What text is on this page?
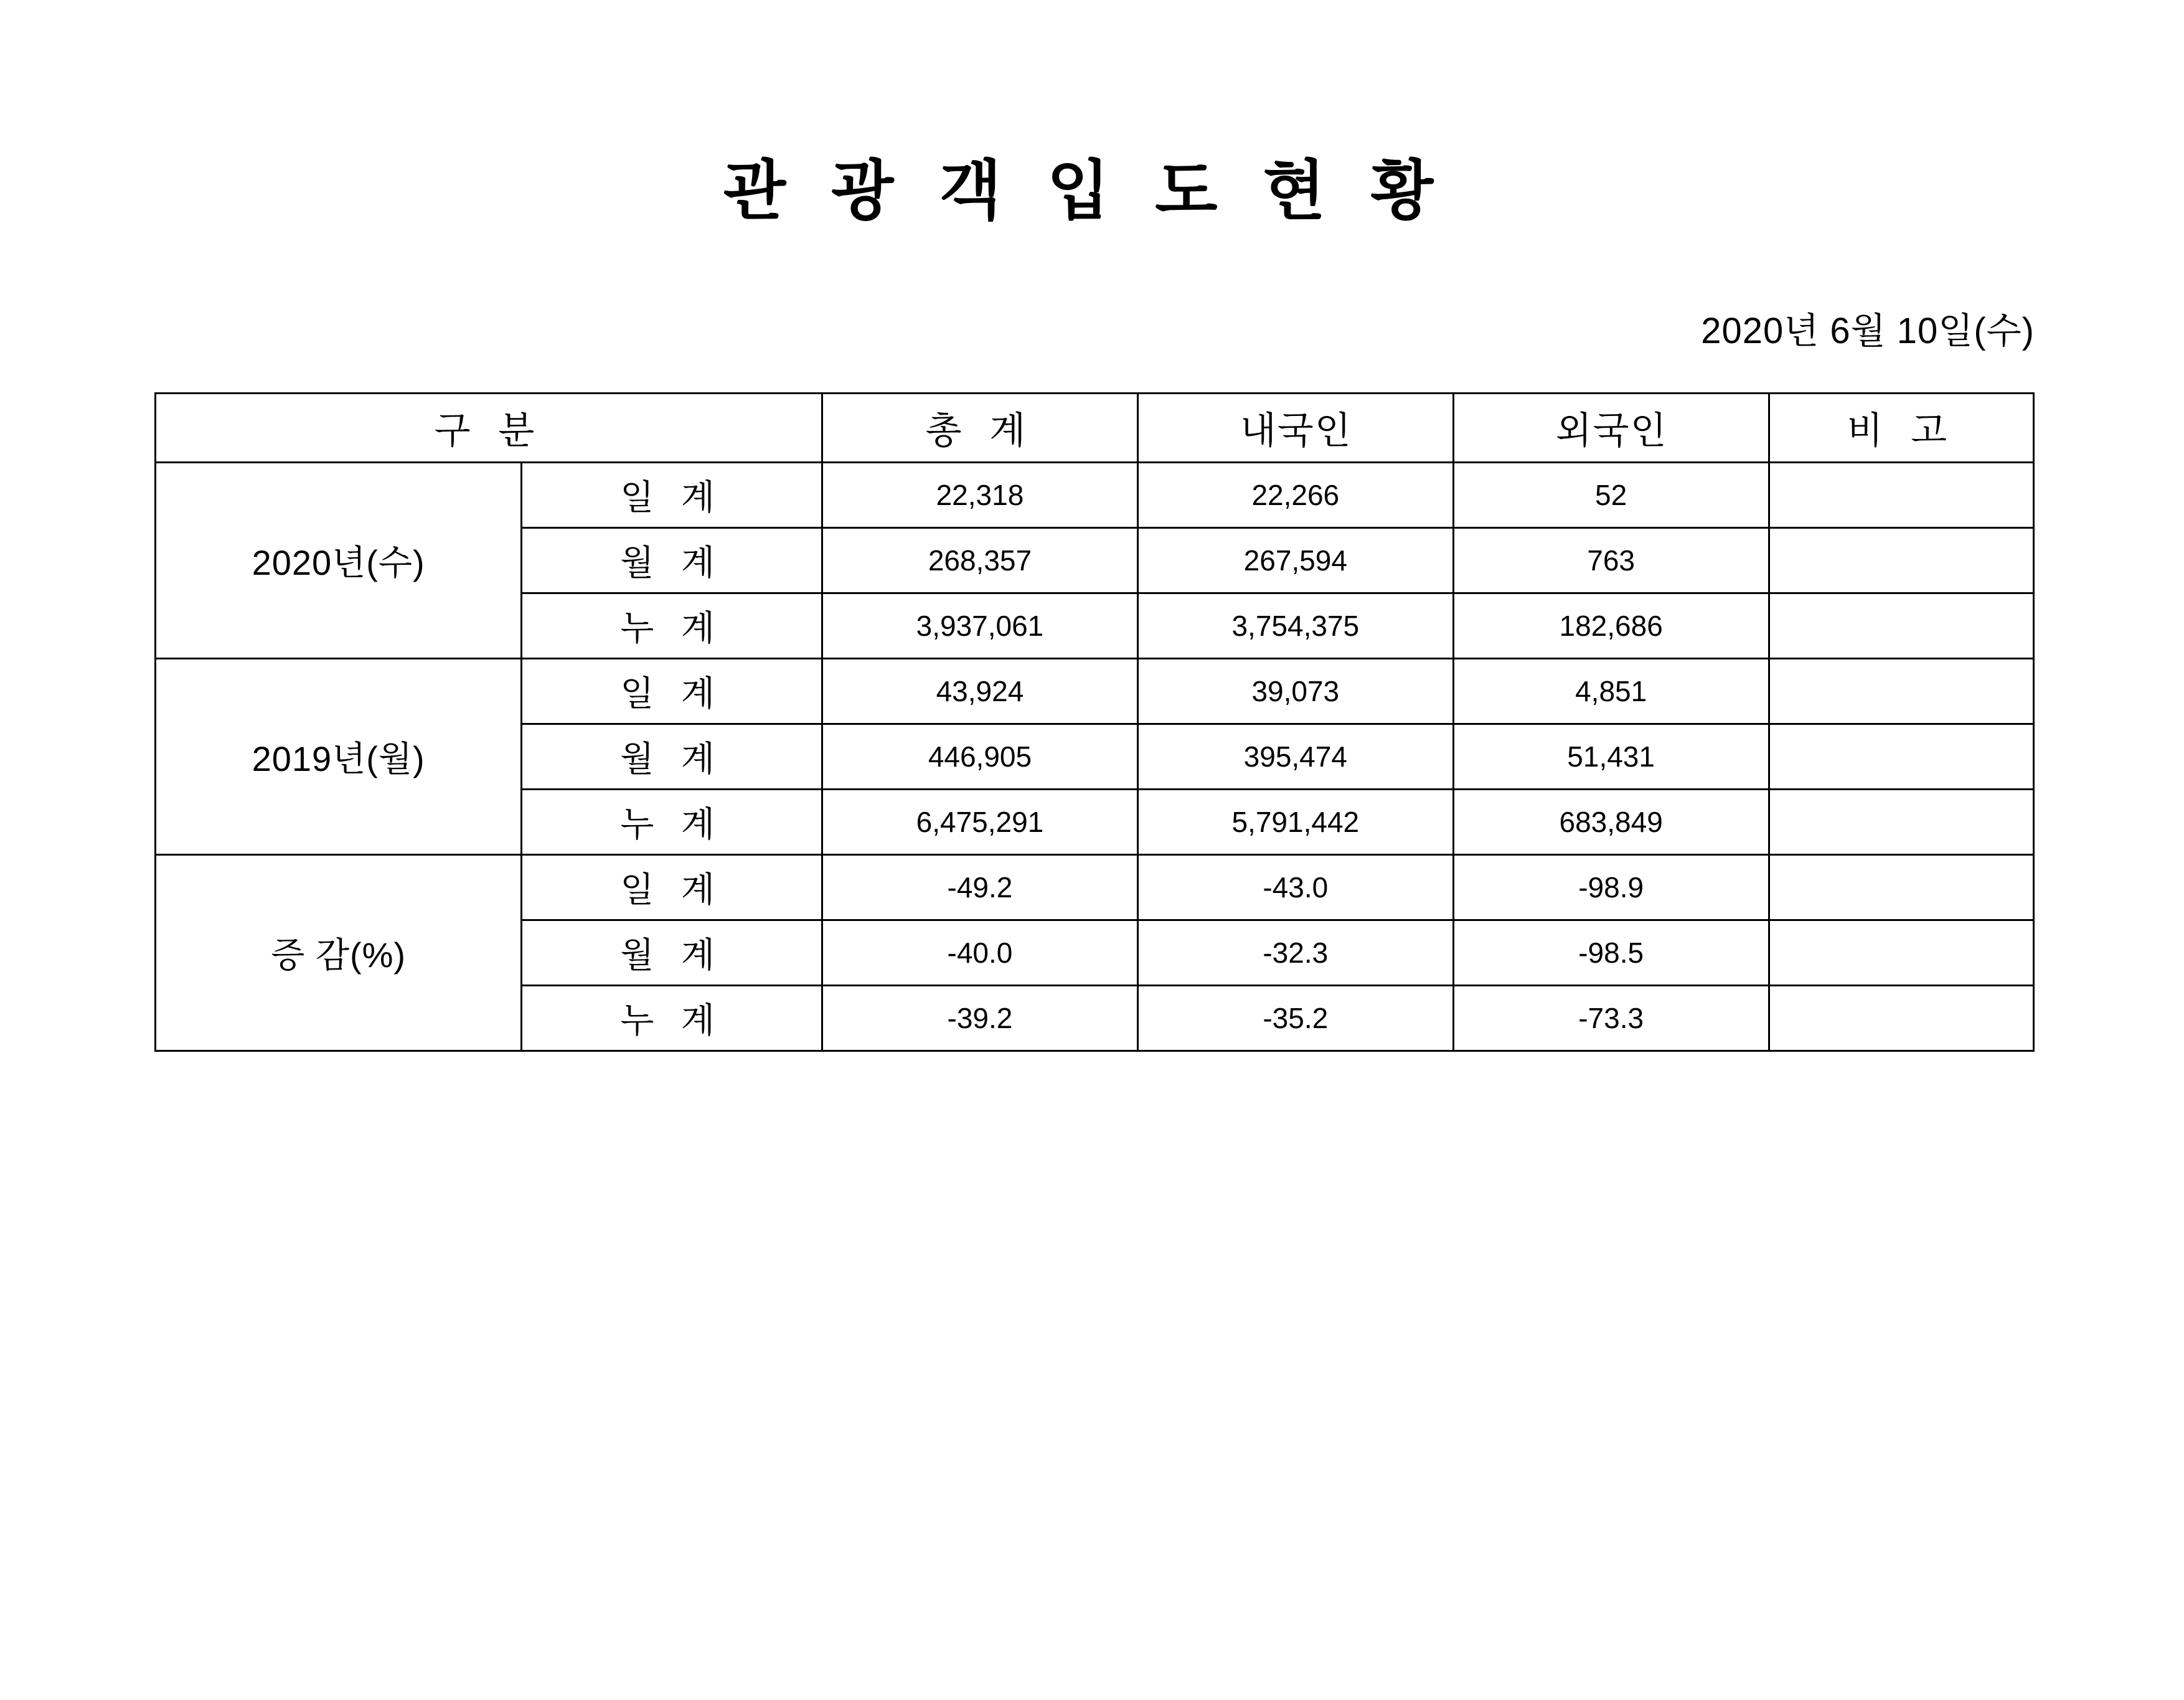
관 광 객 입 도 현 황
2020년 6월 10일(수)
구 분		총 계	내국인	외국인	비 고
2020년(수)	일 계	22,318	22,266	52	
	월 계	268,357	267,594	763	
	누 계	3,937,061	3,754,375	182,686	
2019년(월)	일 계	43,924	39,073	4,851	
	월 계	446,905	395,474	51,431	
	누 계	6,475,291	5,791,442	683,849	
증 감(%)	일 계	-49.2	-43.0	-98.9	
	월 계	-40.0	-32.3	-98.5	
	누 계	-39.2	-35.2	-73.3	
